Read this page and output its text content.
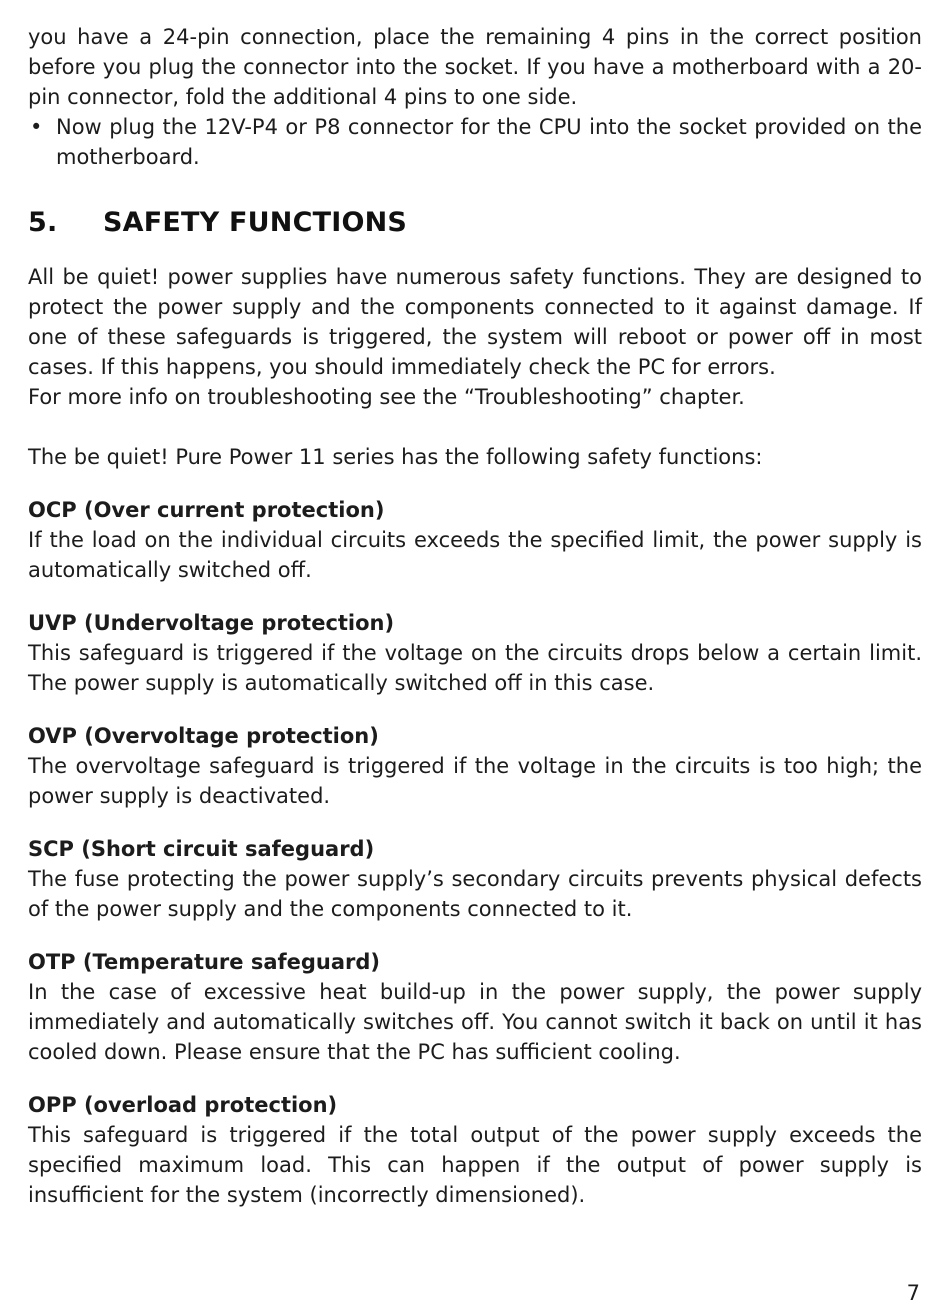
you have a 24-pin connection, place the remaining 4 pins in the correct position before you plug the connector into the socket. If you have a motherboard with a 20-pin connector, fold the additional 4 pins to one side.

• Now plug the 12V-P4 or P8 connector for the CPU into the socket provided on the motherboard.
5.	SAFETY FUNCTIONS

All be quiet! power supplies have numerous safety functions. They are designed to protect the power supply and the components connected to it against damage. If one of these safeguards is triggered, the system will reboot or power off in most cases. If this happens, you should immediately check the PC for errors.

For more info on troubleshooting see the “Troubleshooting” chapter.

The be quiet! Pure Power 11 series has the following safety functions:

OCP (Over current protection)

If the load on the individual circuits exceeds the specified limit, the power supply is automatically switched off.

UVP (Undervoltage protection)

This safeguard is triggered if the voltage on the circuits drops below a certain limit. The power supply is automatically switched off in this case.

OVP (Overvoltage protection)

The overvoltage safeguard is triggered if the voltage in the circuits is too high; the power supply is deactivated.

SCP (Short circuit safeguard)

The fuse protecting the power supply’s secondary circuits prevents physical defects of the power supply and the components connected to it.

OTP (Temperature safeguard)

In the case of excessive heat build-up in the power supply, the power supply immediately and automatically switches off. You cannot switch it back on until it has cooled down. Please ensure that the PC has sufficient cooling.

OPP (overload protection)

This safeguard is triggered if the total output of the power supply exceeds the specified maximum load. This can happen if the output of power supply is insufficient for the system (incorrectly dimensioned).

7
